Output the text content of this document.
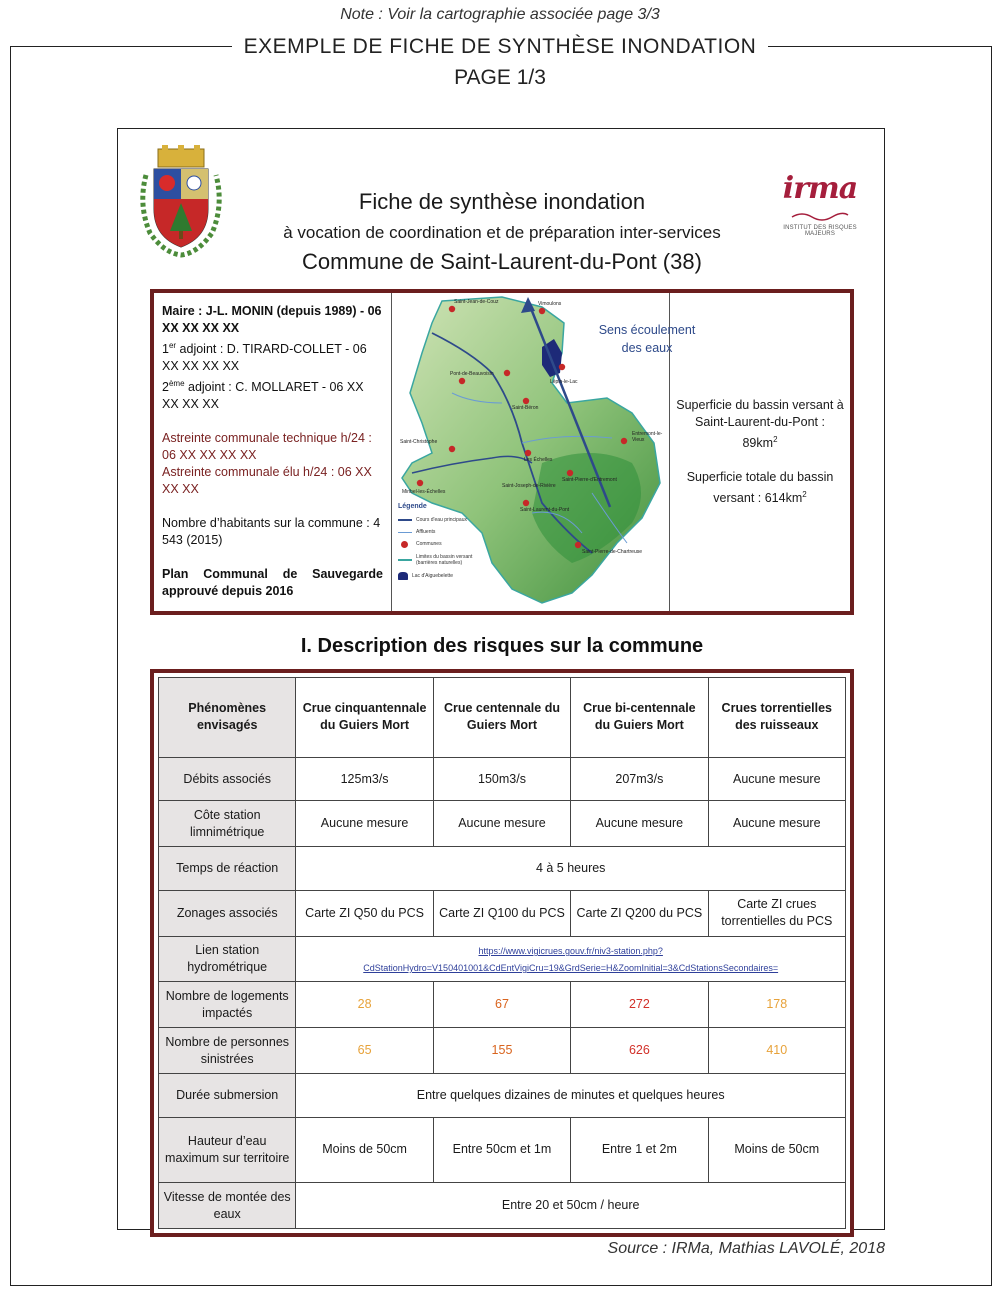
Note : Voir la cartographie associée page 3/3
EXEMPLE DE FICHE DE SYNTHÈSE INONDATION
PAGE 1/3
irma
INSTITUT DES RISQUES MAJEURS
Fiche de synthèse inondation
à vocation de coordination et de préparation inter-services
Commune de Saint-Laurent-du-Pont (38)

Maire : J-L. MONIN (depuis 1989) - 06 XX XX XX XX

1er adjoint : D. TIRARD-COLLET - 06 XX XX XX XX

2ème adjoint : C. MOLLARET - 06 XX XX XX XX

Astreinte communale technique h/24 : 06 XX XX XX XX

Astreinte communale élu h/24 : 06 XX XX XX

Nombre d’habitants sur la commune : 4 543 (2015)

Plan Communal de Sauvegarde approuvé depuis 2016

Saint-Jean-de-Couz	Vimoulons
Entremont-le-Vieux
Saint-Pierre-d'Entremont
Saint-Christophe
Les Échelles
Saint-Laurent-du-Pont
Pont-de-Beauvoisin
Saint-Béron
Saint-Pierre-de-Chartreuse
Saint-Joseph-de-Rivière
Miribel-les-Échelles
Lépin-le-Lac
Sens écoulement des eaux
Légende
Cours d'eau principaux
Affluents
Communes
Limites du bassin versant (barrières naturelles)
Lac d'Aiguebelette
Superficie du bassin versant à Saint-Laurent-du-Pont :
$89km^2$
Superficie totale du bassin versant : $614km^2$
I. Description des risques sur la commune
Phénomènes envisagés	Crue cinquantennale du Guiers Mort	Crue centennale du Guiers Mort	Crue bi-centennale du Guiers Mort	Crues torrentielles des ruisseaux
Débits associés	125m3/s	150m3/s	207m3/s	Aucune mesure
Côte station limnimétrique	Aucune mesure	Aucune mesure	Aucune mesure	Aucune mesure
Temps de réaction	4 à 5 heures			
Zonages associés	Carte ZI Q50 du PCS	Carte ZI Q100 du PCS	Carte ZI Q200 du PCS	Carte ZI crues torrentielles du PCS
Lien station hydrométrique	https://www.vigicrues.gouv.fr/niv3-station.php?CdStationHydro=V150401001&CdEntVigiCru=19&GrdSerie=H&ZoomInitial=3&CdStationsSecondaires=			
Nombre de logements impactés	28	67	272	178
Nombre de personnes sinistrées	65	155	626	410
Durée submersion	Entre quelques dizaines de minutes et quelques heures			
Hauteur d’eau maximum sur territoire	Moins de 50cm	Entre 50cm et 1m	Entre 1 et 2m	Moins de 50cm
Vitesse de montée des eaux	Entre 20 et 50cm / heure			
Source : IRMa, Mathias LAVOLÉ, 2018
